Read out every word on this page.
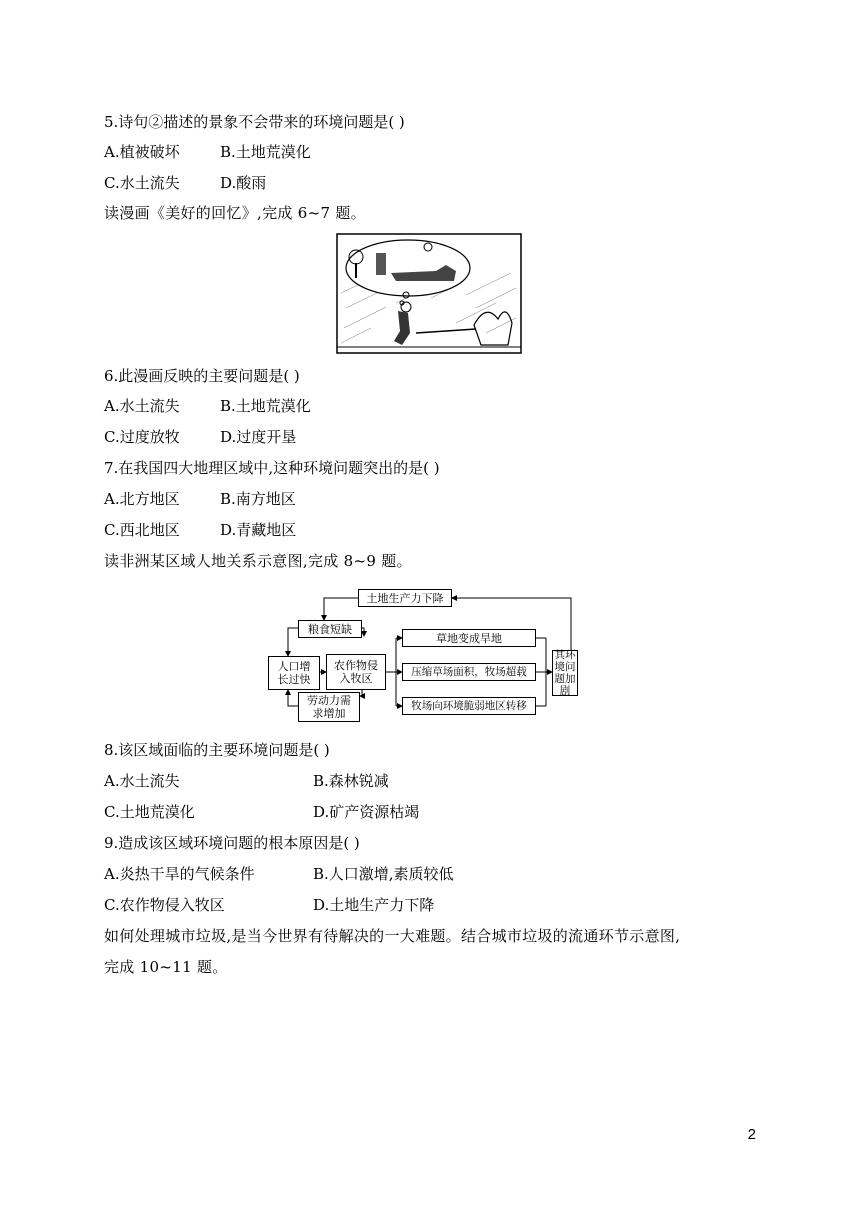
5.诗句②描述的景象不会带来的环境问题是( )
A.植被破坏	B.土地荒漠化
C.水土流失	D.酸雨
读漫画《美好的回忆》,完成 6~7 题。
6.此漫画反映的主要问题是( )
A.水土流失	B.土地荒漠化
C.过度放牧	D.过度开垦
7.在我国四大地理区域中,这种环境问题突出的是( )
A.北方地区	B.南方地区
C.西北地区	D.青藏地区
读非洲某区域人地关系示意图,完成 8~9 题。
土地生产力下降
粮食短缺
人口增长过快
农作物侵入牧区
劳动力需求增加
草地变成旱地
压缩草场面积，牧场超载
牧场向环境脆弱地区转移
其环境问题加剧
8.该区域面临的主要环境问题是( )
A.水土流失	B.森林锐减
C.土地荒漠化	D.矿产资源枯竭
9.造成该区域环境问题的根本原因是( )
A.炎热干旱的气候条件	B.人口激增,素质较低
C.农作物侵入牧区	D.土地生产力下降
如何处理城市垃圾,是当今世界有待解决的一大难题。结合城市垃圾的流通环节示意图,
完成 10~11 题。
2
